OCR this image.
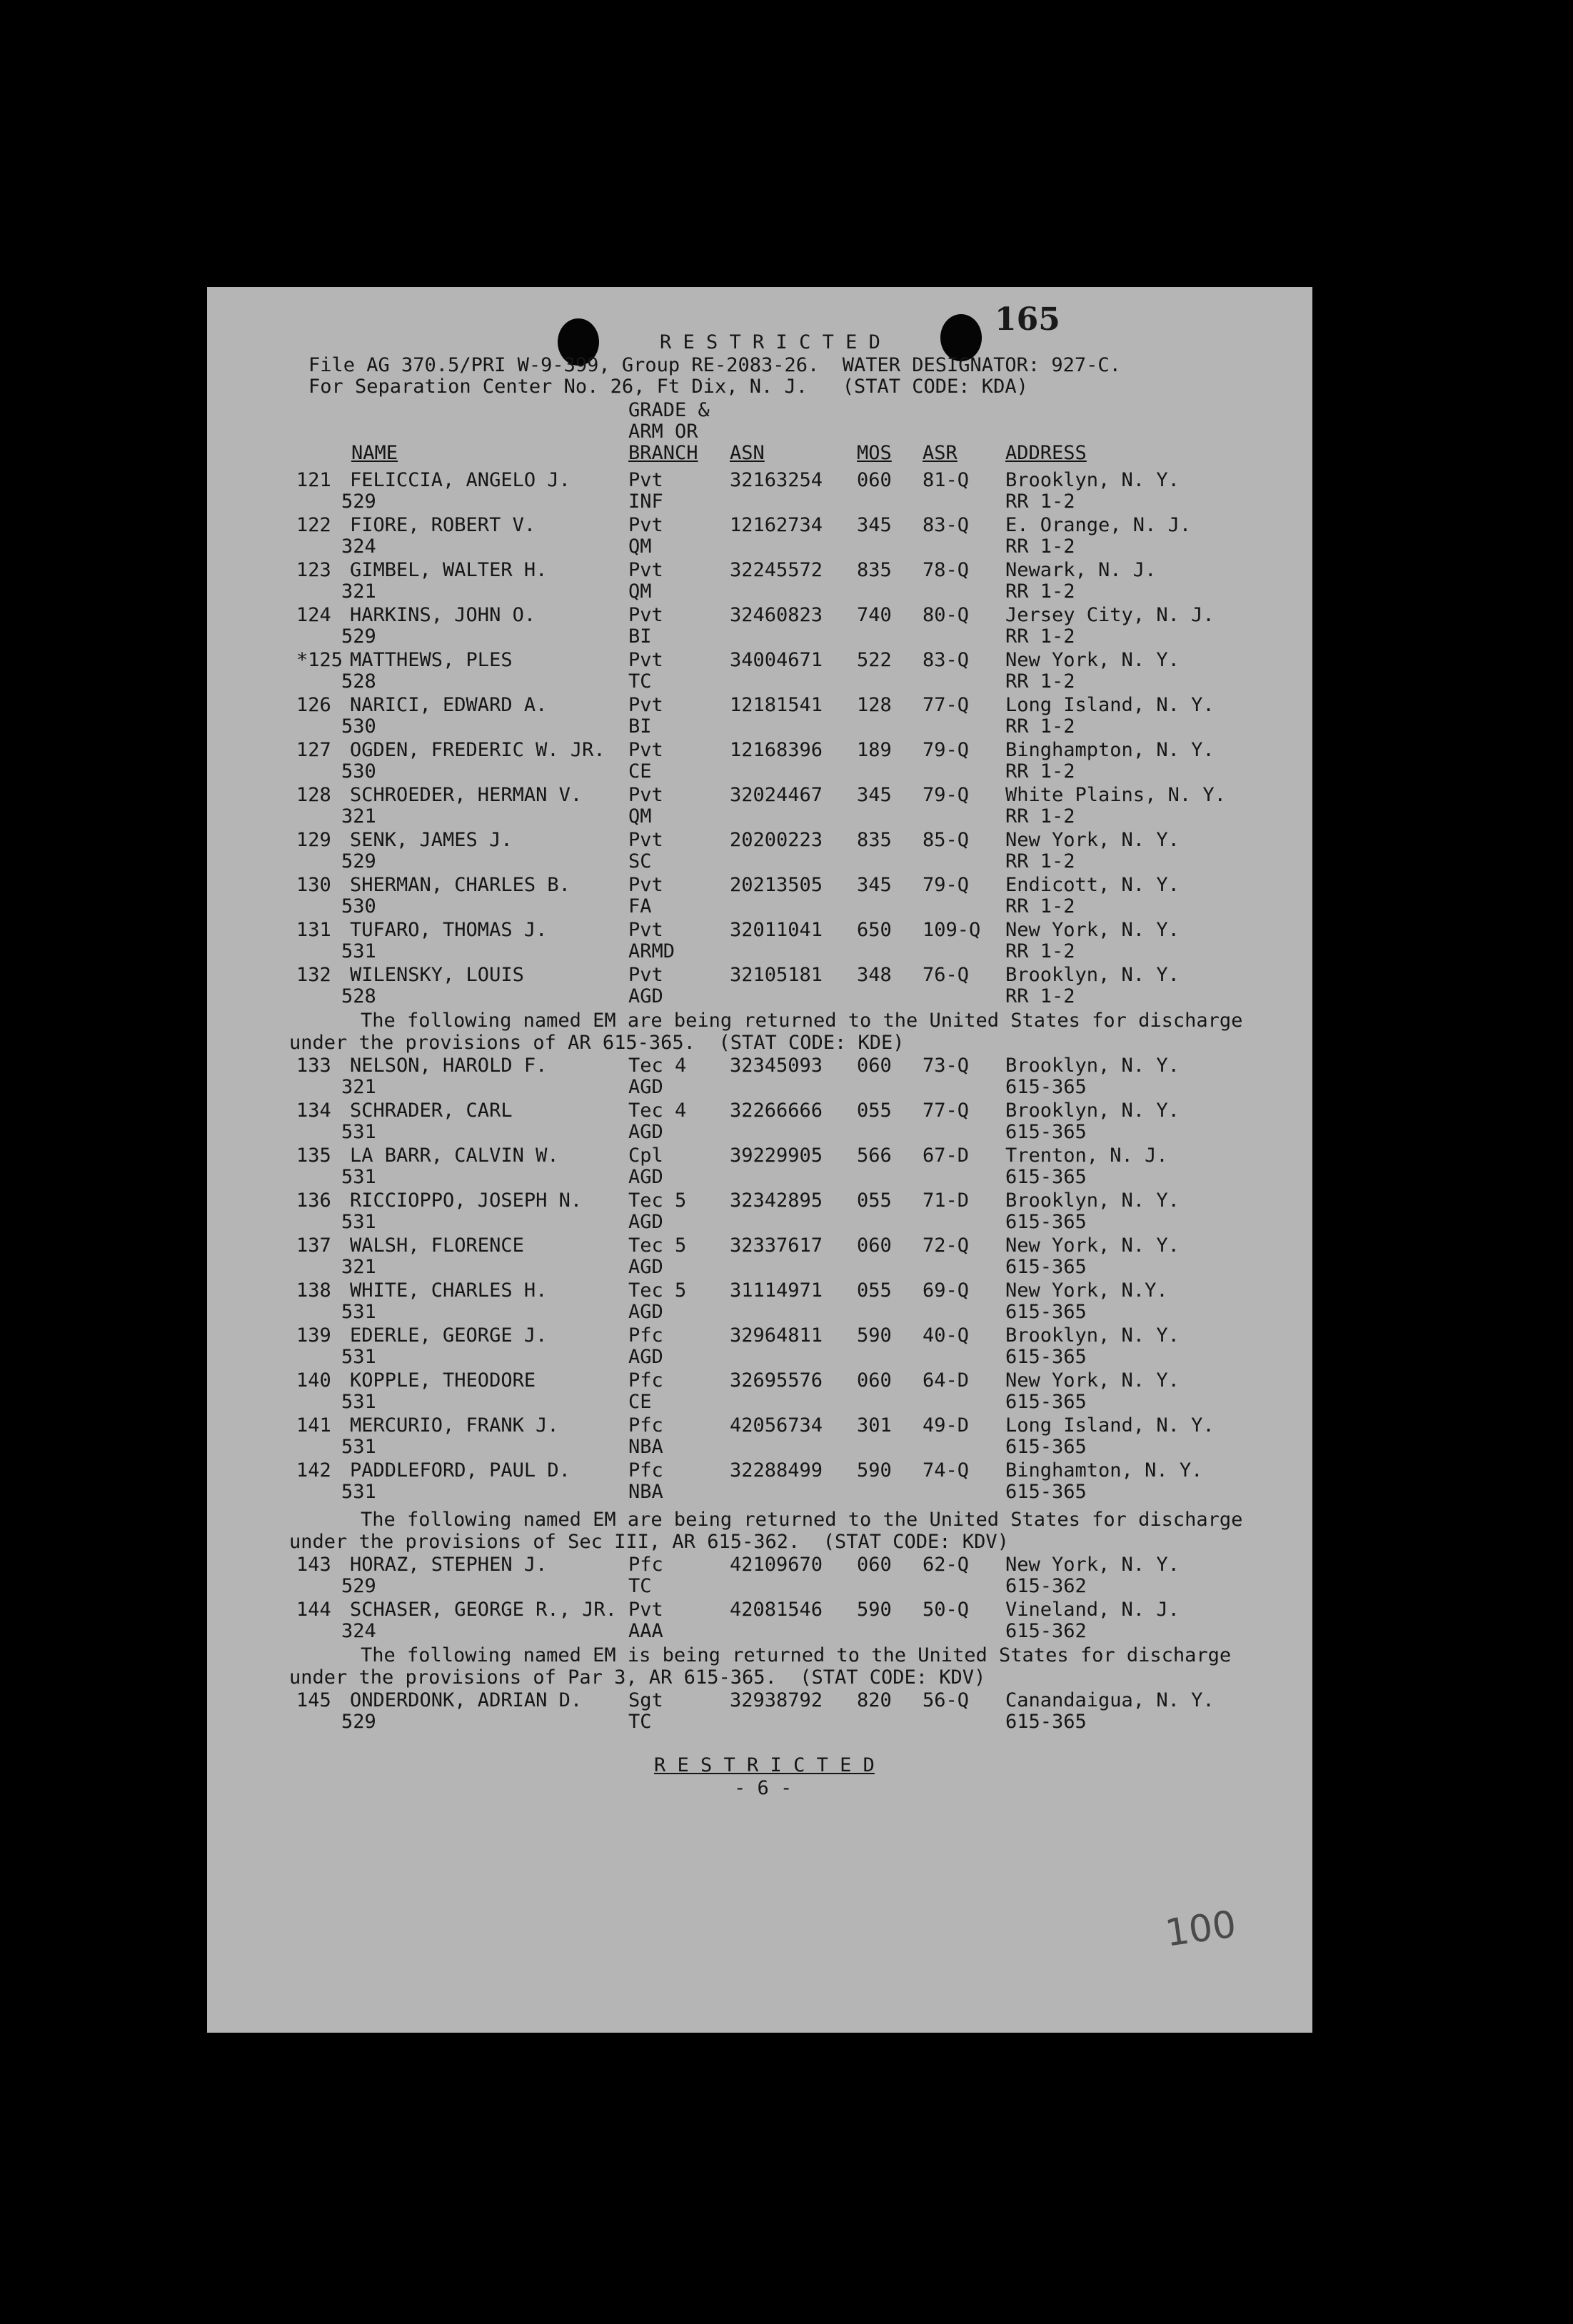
R E S T R I C T E D
File AG 370.5/PRI W-9-399, Group RE-2083-26.  WATER DESIGNATOR: 927-C.
For Separation Center No. 26, Ft Dix, N. J.   (STAT CODE: KDA)
165
GRADE &
ARM OR
BRANCH
NAME	ASN	MOS ASR ADDRESS
121 FELICCIA, ANGELO J.	Pvt	32163254 060 81-Q Brooklyn, N. Y.
529	INF	RR 1-2
122 FIORE, ROBERT V.	Pvt	12162734 345 83-Q E. Orange, N. J.
324	QM	RR 1-2
123 GIMBEL, WALTER H.	Pvt	32245572 835 78-Q Newark, N. J.
321	QM	RR 1-2
124 HARKINS, JOHN O.	Pvt	32460823 740 80-Q Jersey City, N. J.
529	BI	RR 1-2
*125 MATTHEWS, PLES	Pvt	34004671 522 83-Q New York, N. Y.
528	TC	RR 1-2
126 NARICI, EDWARD A.	Pvt	12181541 128 77-Q Long Island, N. Y.
530	BI	RR 1-2
127 OGDEN, FREDERIC W. JR. Pvt	12168396 189 79-Q Binghampton, N. Y.
530	CE	RR 1-2
128 SCHROEDER, HERMAN V. Pvt	32024467 345 79-Q White Plains, N. Y.
321	QM	RR 1-2
129 SENK, JAMES J.	Pvt	20200223 835 85-Q New York, N. Y.
529	SC	RR 1-2
130 SHERMAN, CHARLES B.	Pvt	20213505 345 79-Q Endicott, N. Y.
530	FA	RR 1-2
131 TUFARO, THOMAS J.	Pvt	32011041 650 109-Q New York, N. Y.
531	ARMD	RR 1-2
132 WILENSKY, LOUIS	Pvt	32105181 348 76-Q Brooklyn, N. Y.
528	AGD	RR 1-2
The following named EM are being returned to the United States for discharge
under the provisions of AR 615-365.  (STAT CODE: KDE)
133 NELSON, HAROLD F.	Tec 4 32345093 060 73-Q Brooklyn, N. Y.
321	AGD	615-365
134 SCHRADER, CARL	Tec 4 32266666 055 77-Q Brooklyn, N. Y.
531	AGD	615-365
135 LA BARR, CALVIN W.	Cpl	39229905 566 67-D Trenton, N. J.
531	AGD	615-365
136 RICCIOPPO, JOSEPH N. Tec 5 32342895 055 71-D Brooklyn, N. Y.
531	AGD	615-365
137 WALSH, FLORENCE	Tec 5 32337617 060 72-Q New York, N. Y.
321	AGD	615-365
138 WHITE, CHARLES H.	Tec 5 31114971 055 69-Q New York, N.Y.
531	AGD	615-365
139 EDERLE, GEORGE J.	Pfc	32964811 590 40-Q Brooklyn, N. Y.
531	AGD	615-365
140 KOPPLE, THEODORE	Pfc	32695576 060 64-D New York, N. Y.
531	CE	615-365
141 MERCURIO, FRANK J.	Pfc	42056734 301 49-D Long Island, N. Y.
531	NBA	615-365
142 PADDLEFORD, PAUL D.	Pfc	32288499 590 74-Q Binghamton, N. Y.
531	NBA	615-365
The following named EM are being returned to the United States for discharge
under the provisions of Sec III, AR 615-362.  (STAT CODE: KDV)
143 HORAZ, STEPHEN J.	Pfc	42109670 060 62-Q New York, N. Y.
529	TC	615-362
144 SCHASER, GEORGE R., JR. Pvt	42081546 590 50-Q Vineland, N. J.
324	AAA	615-362
The following named EM is being returned to the United States for discharge
under the provisions of Par 3, AR 615-365.  (STAT CODE: KDV)
145 ONDERDONK, ADRIAN D. Sgt	32938792 820 56-Q Canandaigua, N. Y.
529	TC	615-365
R E S T R I C T E D
- 6 -
100
